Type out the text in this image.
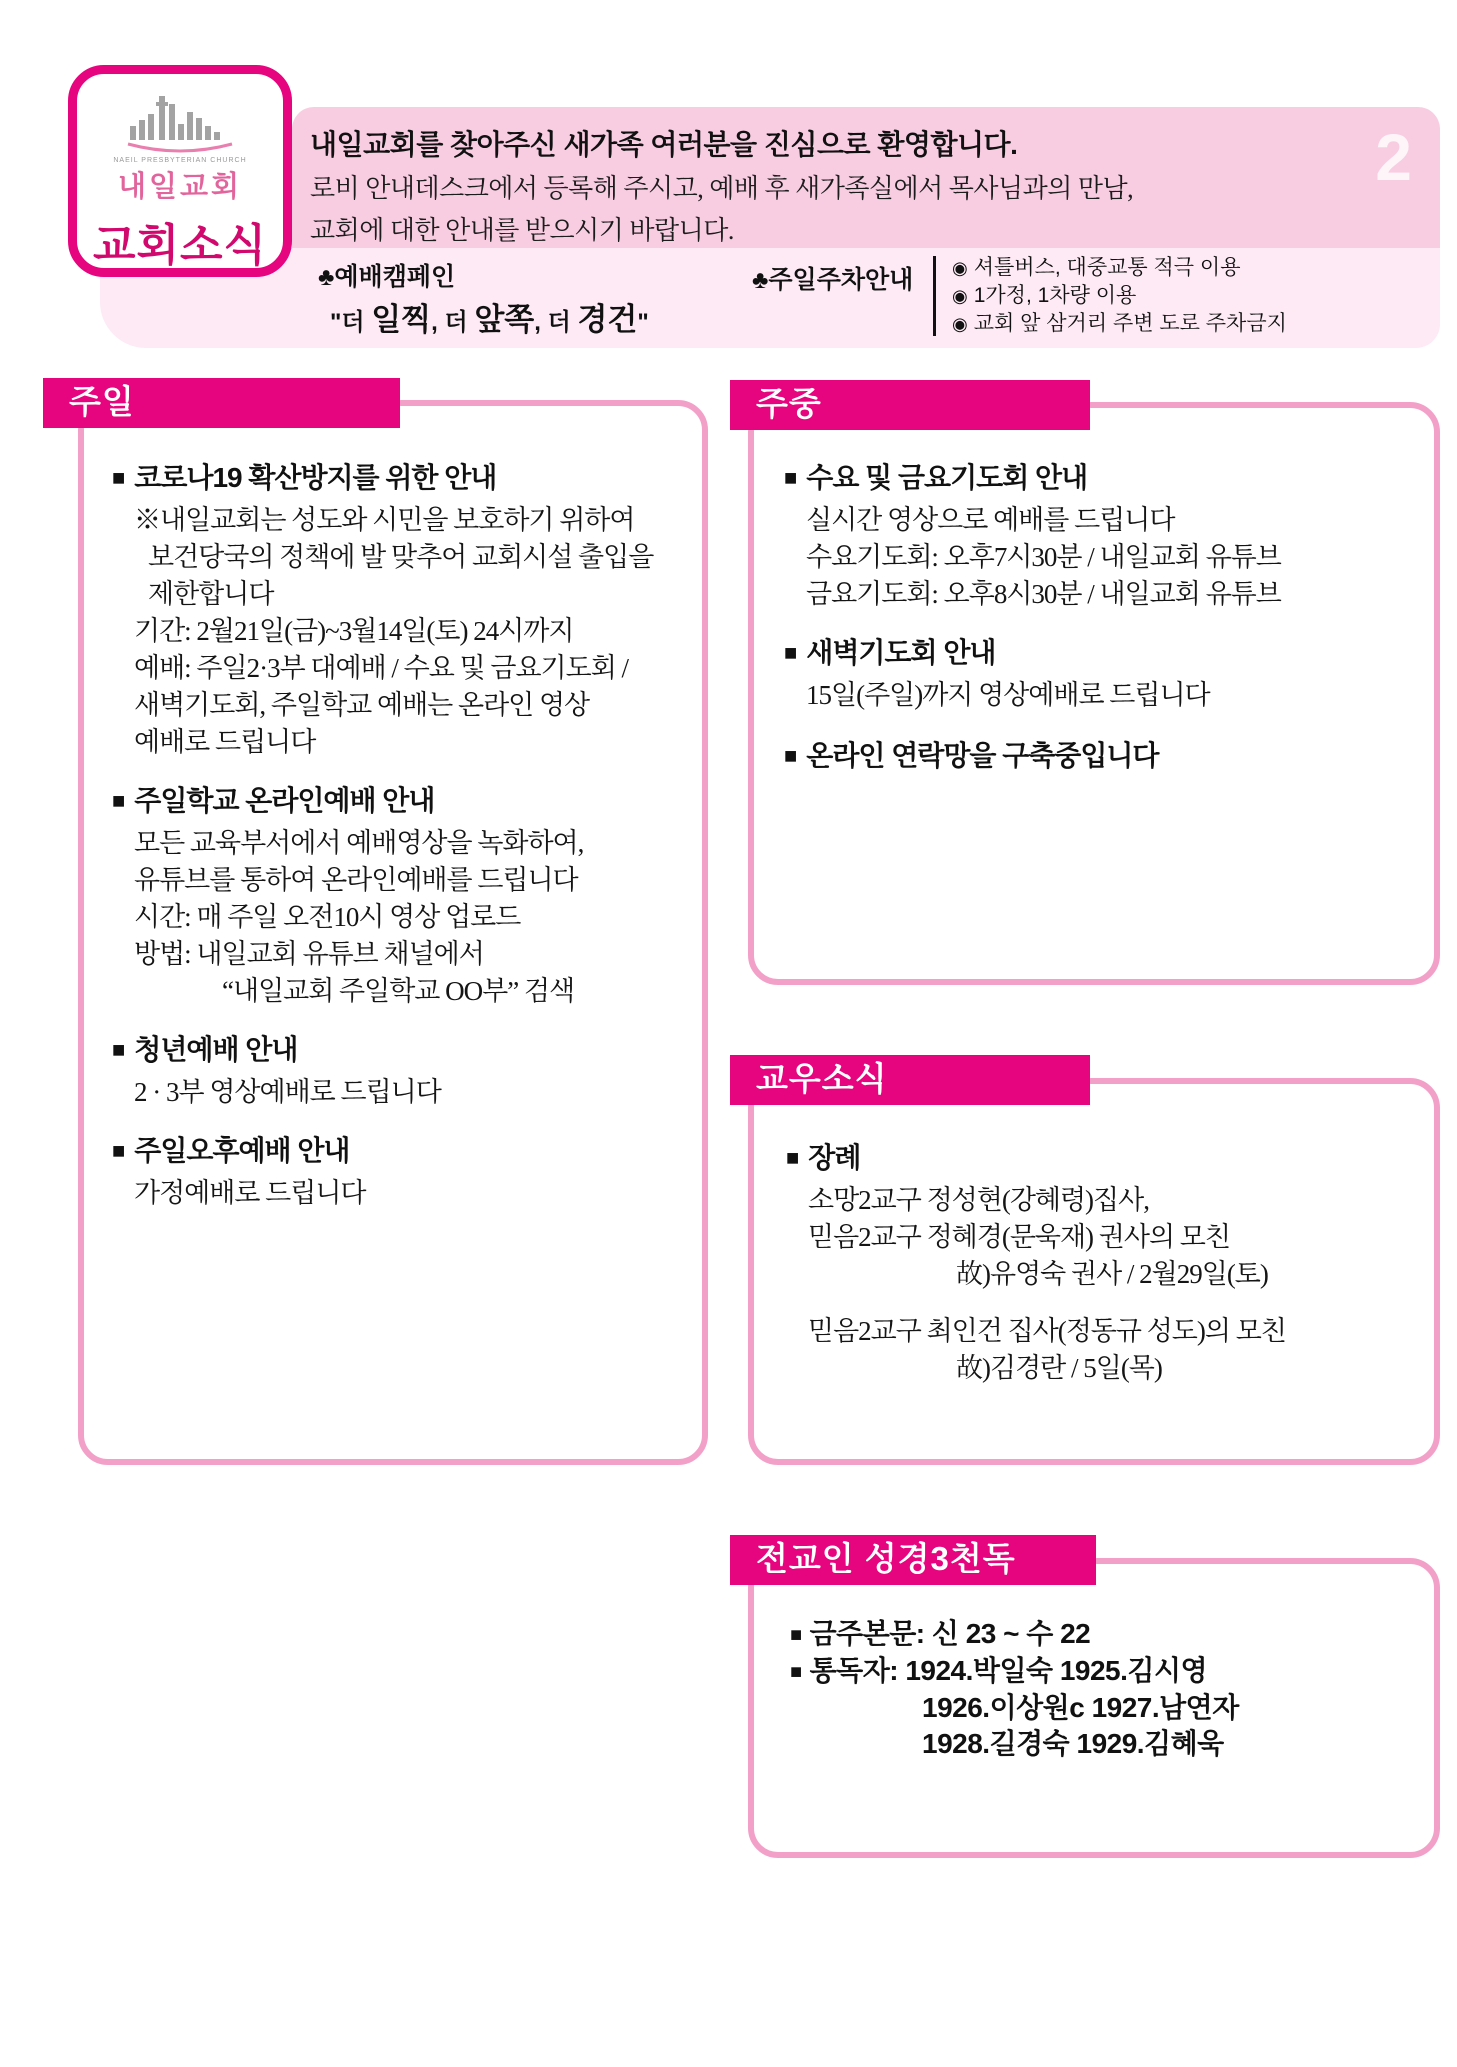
내일교회를 찾아주신 새가족 여러분을 진심으로 환영합니다.
로비 안내데스크에서 등록해 주시고, 예배 후 새가족실에서 목사님과의 만남,
교회에 대한 안내를 받으시기 바랍니다.
2
♣예배캠페인
"더 일찍, 더 앞쪽, 더 경건"
♣주일주차안내 ◉ 셔틀버스, 대중교통 적극 이용
◉ 1가정, 1차량 이용
◉ 교회 앞 삼거리 주변 도로 주차금지
NAEIL PRESBYTERIAN CHURCH
내일교회
교회소식
주일
■ 코로나19 확산방지를 위한 안내
※내일교회는 성도와 시민을 보호하기 위하여
보건당국의 정책에 발 맞추어 교회시설 출입을
제한합니다
기간: 2월21일(금)~3월14일(토) 24시까지
예배: 주일2·3부 대예배 / 수요 및 금요기도회 /
새벽기도회, 주일학교 예배는 온라인 영상
예배로 드립니다
■ 주일학교 온라인예배 안내
모든 교육부서에서 예배영상을 녹화하여,
유튜브를 통하여 온라인예배를 드립니다
시간: 매 주일 오전10시 영상 업로드
방법: 내일교회 유튜브 채널에서
“내일교회 주일학교 OO부” 검색
■ 청년예배 안내
2 · 3부 영상예배로 드립니다
■ 주일오후예배 안내
가정예배로 드립니다
주중
■ 수요 및 금요기도회 안내
실시간 영상으로 예배를 드립니다
수요기도회: 오후7시30분 / 내일교회 유튜브
금요기도회: 오후8시30분 / 내일교회 유튜브
■ 새벽기도회 안내
15일(주일)까지 영상예배로 드립니다
■ 온라인 연락망을 구축중입니다
교우소식
■ 장례
소망2교구 정성현(강혜령)집사,
믿음2교구 정혜경(문욱재) 권사의 모친
故)유영숙 권사 / 2월29일(토)
믿음2교구 최인건 집사(정동규 성도)의 모친
故)김경란 / 5일(목)
전교인 성경3천독
■ 금주본문: 신 23 ~ 수 22
■ 통독자: 1924.박일숙 1925.김시영
1926.이상원c 1927.남연자
1928.길경숙 1929.김혜욱
